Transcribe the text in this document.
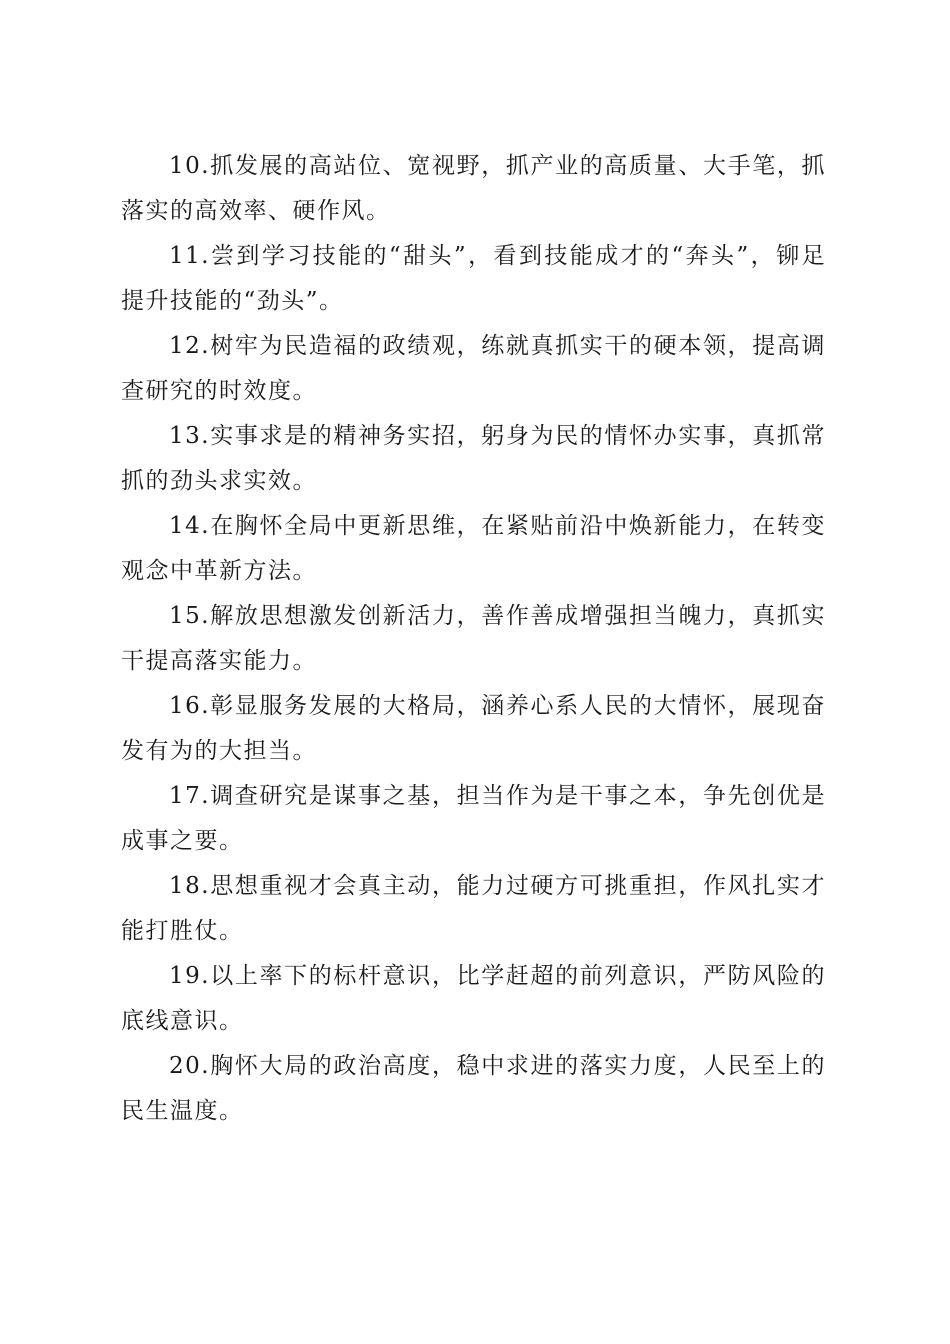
10.抓发展的高站位、宽视野，抓产业的高质量、大手笔，抓落实的高效率、硬作风。

11.尝到学习技能的“甜头”，看到技能成才的“奔头”，铆足提升技能的“劲头”。

12.树牢为民造福的政绩观，练就真抓实干的硬本领，提高调查研究的时效度。

13.实事求是的精神务实招，躬身为民的情怀办实事，真抓常抓的劲头求实效。

14.在胸怀全局中更新思维，在紧贴前沿中焕新能力，在转变观念中革新方法。

15.解放思想激发创新活力，善作善成增强担当魄力，真抓实干提高落实能力。

16.彰显服务发展的大格局，涵养心系人民的大情怀，展现奋发有为的大担当。

17.调查研究是谋事之基，担当作为是干事之本，争先创优是成事之要。

18.思想重视才会真主动，能力过硬方可挑重担，作风扎实才能打胜仗。

19.以上率下的标杆意识，比学赶超的前列意识，严防风险的底线意识。

20.胸怀大局的政治高度，稳中求进的落实力度，人民至上的民生温度。
